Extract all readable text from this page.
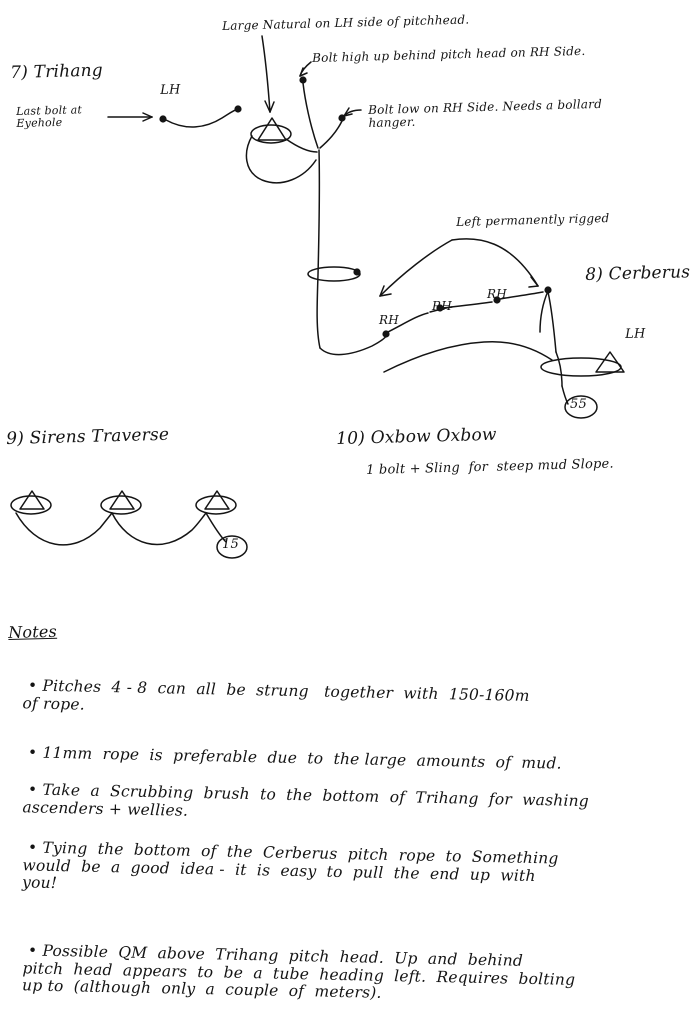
7) Trihang
Last bolt at
Eyehole
LH
Large Natural on LH side of pitchhead.
Bolt high up behind pitch head on RH Side.
Bolt low on RH Side. Needs a bollard
hanger.
8) Cerberus
Left permanently rigged
RH
RH
RH
LH
55
9) Sirens Traverse
15
10) Oxbow Oxbow
1 bolt + Sling  for  steep mud Slope.
Notes

• Pitches  4 - 8  can  all  be  strung   together  with  150-160m
of rope.

• 11mm  rope  is  preferable  due  to  the large  amounts  of  mud.

• Take  a  Scrubbing  brush  to  the  bottom  of  Trihang  for  washing
ascenders + wellies.

• Tying  the  bottom  of  the  Cerberus  pitch  rope  to  Something
would  be  a  good  idea -  it  is  easy  to  pull  the  end  up  with
you!

• Possible  QM  above  Trihang  pitch  head.  Up  and  behind
pitch  head  appears  to  be  a  tube  heading  left.  Requires  bolting
up to  (although  only  a  couple  of  meters).
